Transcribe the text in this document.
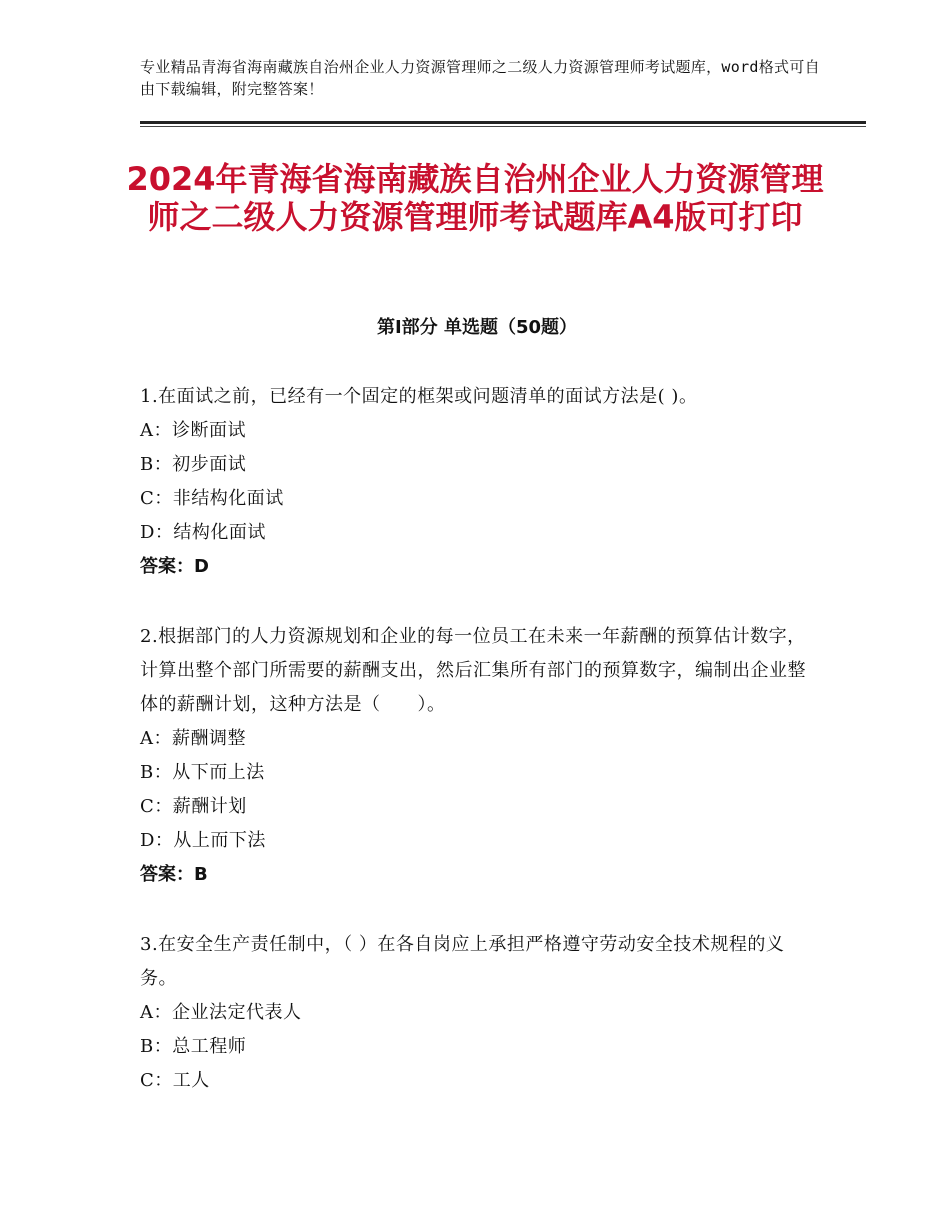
专业精品青海省海南藏族自治州企业人力资源管理师之二级人力资源管理师考试题库，word格式可自由下载编辑，附完整答案！
2024年青海省海南藏族自治州企业人力资源管理师之二级人力资源管理师考试题库A4版可打印
第Ⅰ部分 单选题（50题）
1.在面试之前，已经有一个固定的框架或问题清单的面试方法是( )。
A：诊断面试
B：初步面试
C：非结构化面试
D：结构化面试
答案：D
2.根据部门的人力资源规划和企业的每一位员工在未来一年薪酬的预算估计数字，计算出整个部门所需要的薪酬支出，然后汇集所有部门的预算数字，编制出企业整体的薪酬计划，这种方法是（　　）。
A：薪酬调整
B：从下而上法
C：薪酬计划
D：从上而下法
答案：B
3.在安全生产责任制中，（ ）在各自岗应上承担严格遵守劳动安全技术规程的义务。
A：企业法定代表人
B：总工程师
C：工人
